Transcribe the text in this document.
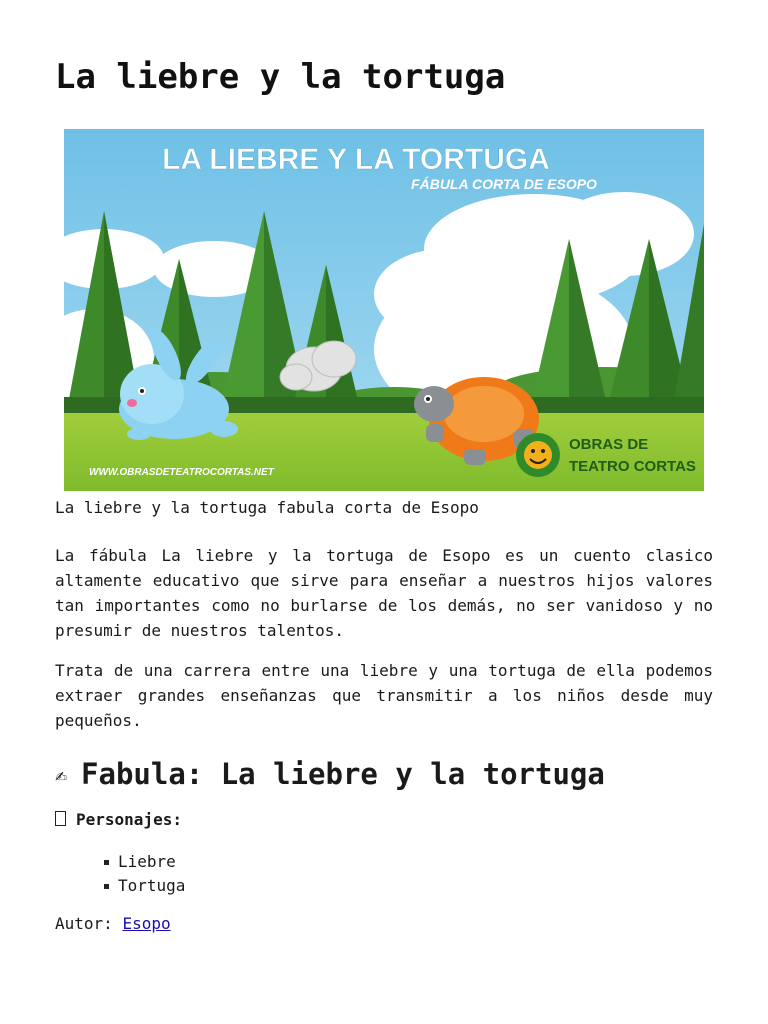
La liebre y la tortuga
LA LIEBRE Y LA TORTUGA
FÁBULA CORTA DE ESOPO
WWW.OBRASDETEATROCORTAS.NET
OBRAS DE
TEATRO CORTAS

La liebre y la tortuga fabula corta de Esopo

La fábula La liebre y la tortuga de Esopo es un cuento clasico altamente educativo que sirve para enseñar a nuestros hijos valores tan importantes como no burlarse de los demás, no ser vanidoso y no presumir de nuestros talentos.

Trata de una carrera entre una liebre y una tortuga de ella podemos extraer grandes enseñanzas que transmitir a los niños desde muy pequeños.

✍ Fabula: La liebre y la tortuga

Personajes:

Liebre
Tortuga

Autor: Esopo
